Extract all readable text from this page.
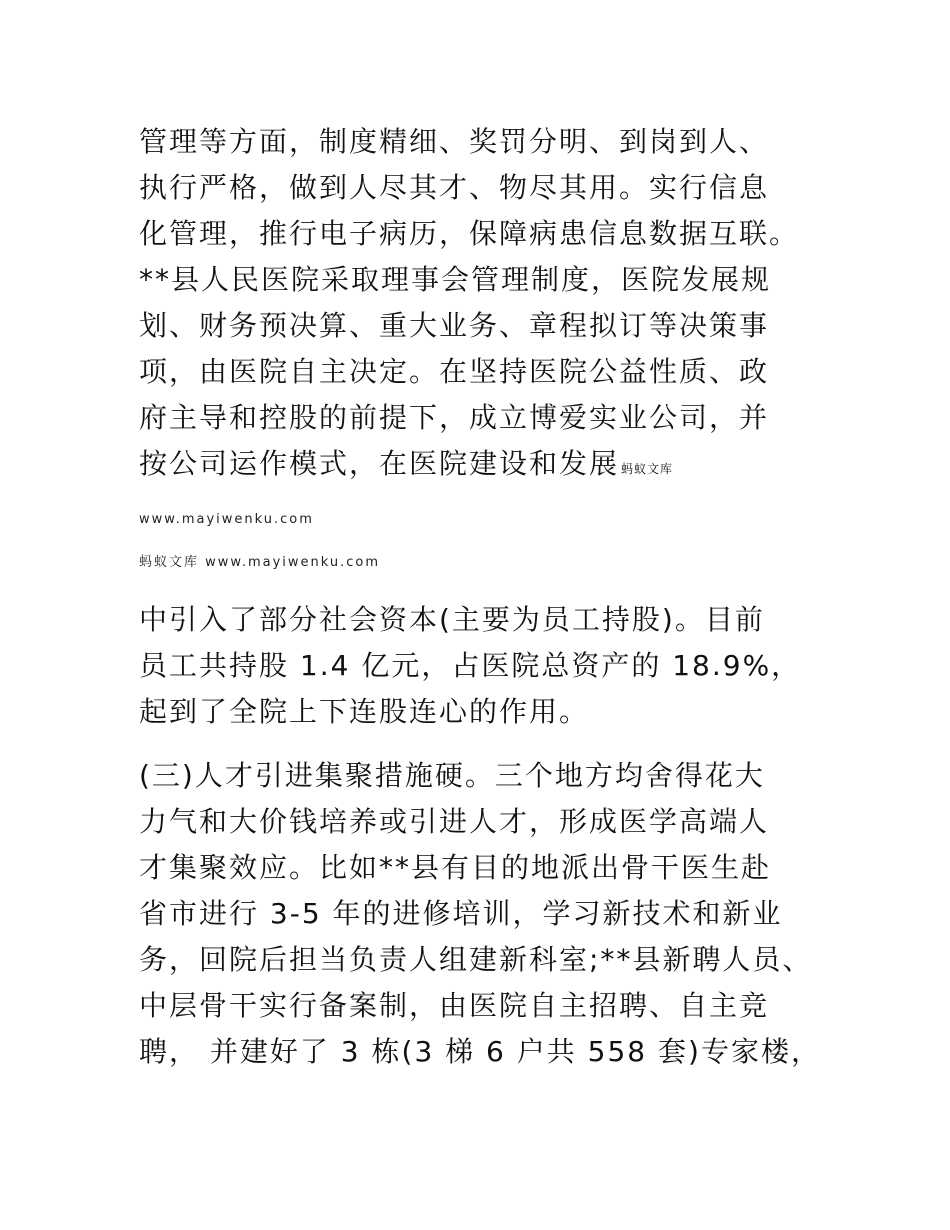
管理等方面，制度精细、奖罚分明、到岗到人、
执行严格，做到人尽其才、物尽其用。实行信息
化管理，推行电子病历，保障病患信息数据互联。
**县人民医院采取理事会管理制度，医院发展规
划、财务预决算、重大业务、章程拟订等决策事
项，由医院自主决定。在坚持医院公益性质、政
府主导和控股的前提下，成立博爱实业公司，并
按公司运作模式，在医院建设和发展 蚂蚁文库
www.mayiwenku.com
蚂蚁文库 www.mayiwenku.com
中引入了部分社会资本(主要为员工持股)。目前
员工共持股 1.4 亿元，占医院总资产的 18.9%，
起到了全院上下连股连心的作用。
(三)人才引进集聚措施硬。三个地方均舍得花大
力气和大价钱培养或引进人才，形成医学高端人
才集聚效应。比如**县有目的地派出骨干医生赴
省市进行 3-5 年的进修培训，学习新技术和新业
务，回院后担当负责人组建新科室;**县新聘人员、
中层骨干实行备案制，由医院自主招聘、自主竞
聘， 并建好了 3 栋(3 梯 6 户共 558 套)专家楼，
